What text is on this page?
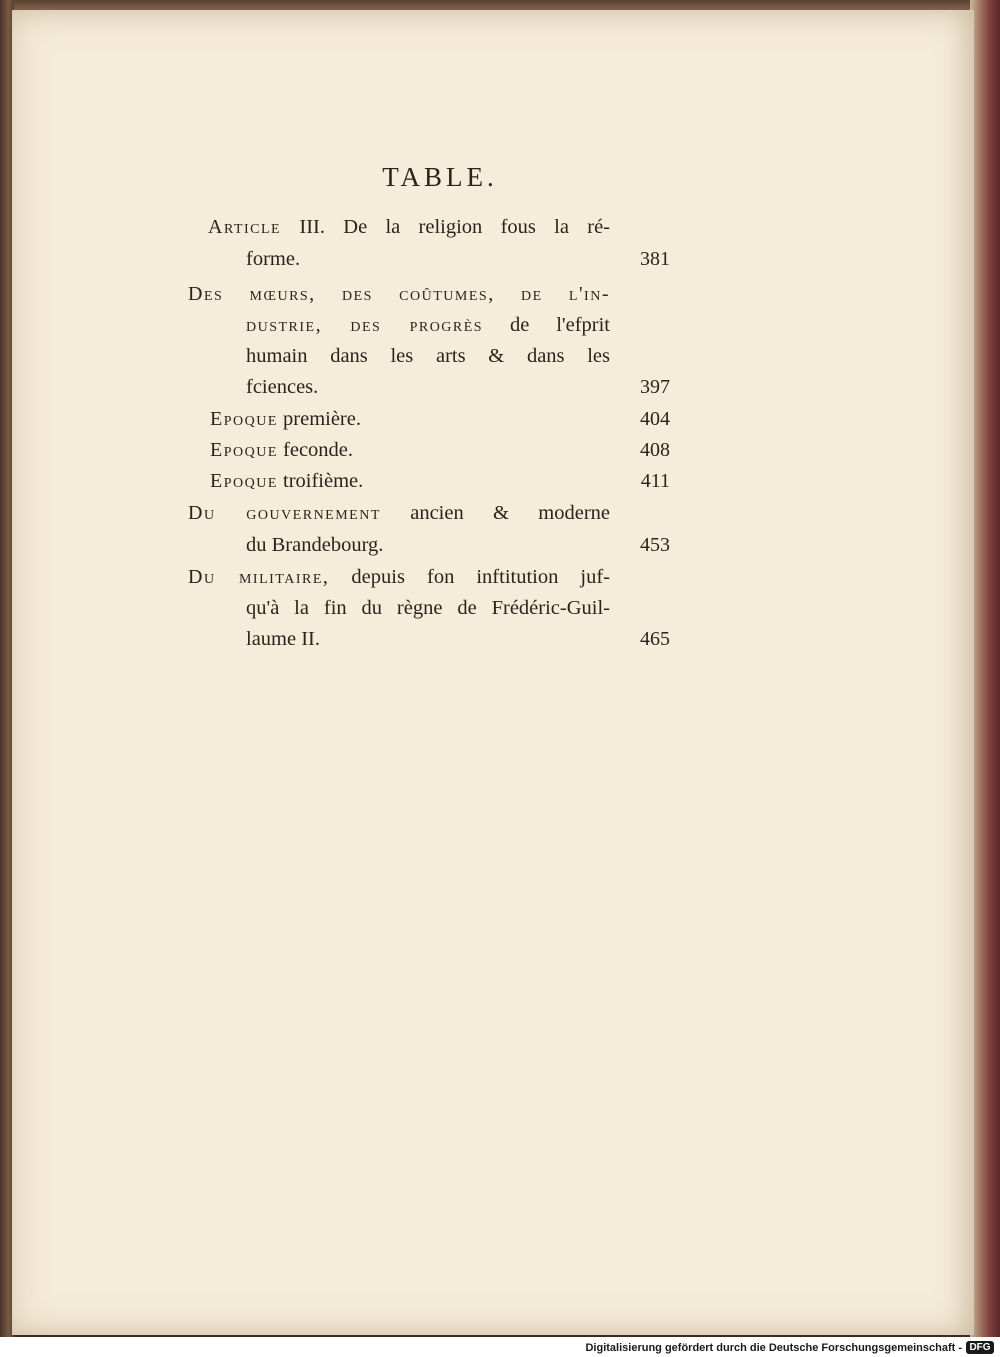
TABLE.
Article III. De la religion fous la ré-
forme.	381
Des mœurs, des coûtumes, de l'in-
dustrie, des progrès de l'efprit
humain dans les arts & dans les
fciences.	397
Epoque première.	404
Epoque feconde.	408
Epoque troifième.	411
Du gouvernement ancien & moderne
du Brandebourg.	453
Du militaire, depuis fon inftitution juf-
qu'à la fin du règne de Frédéric-Guil-
laume II.	465
Digitalisierung gefördert durch die Deutsche Forschungsgemeinschaft - DFG
